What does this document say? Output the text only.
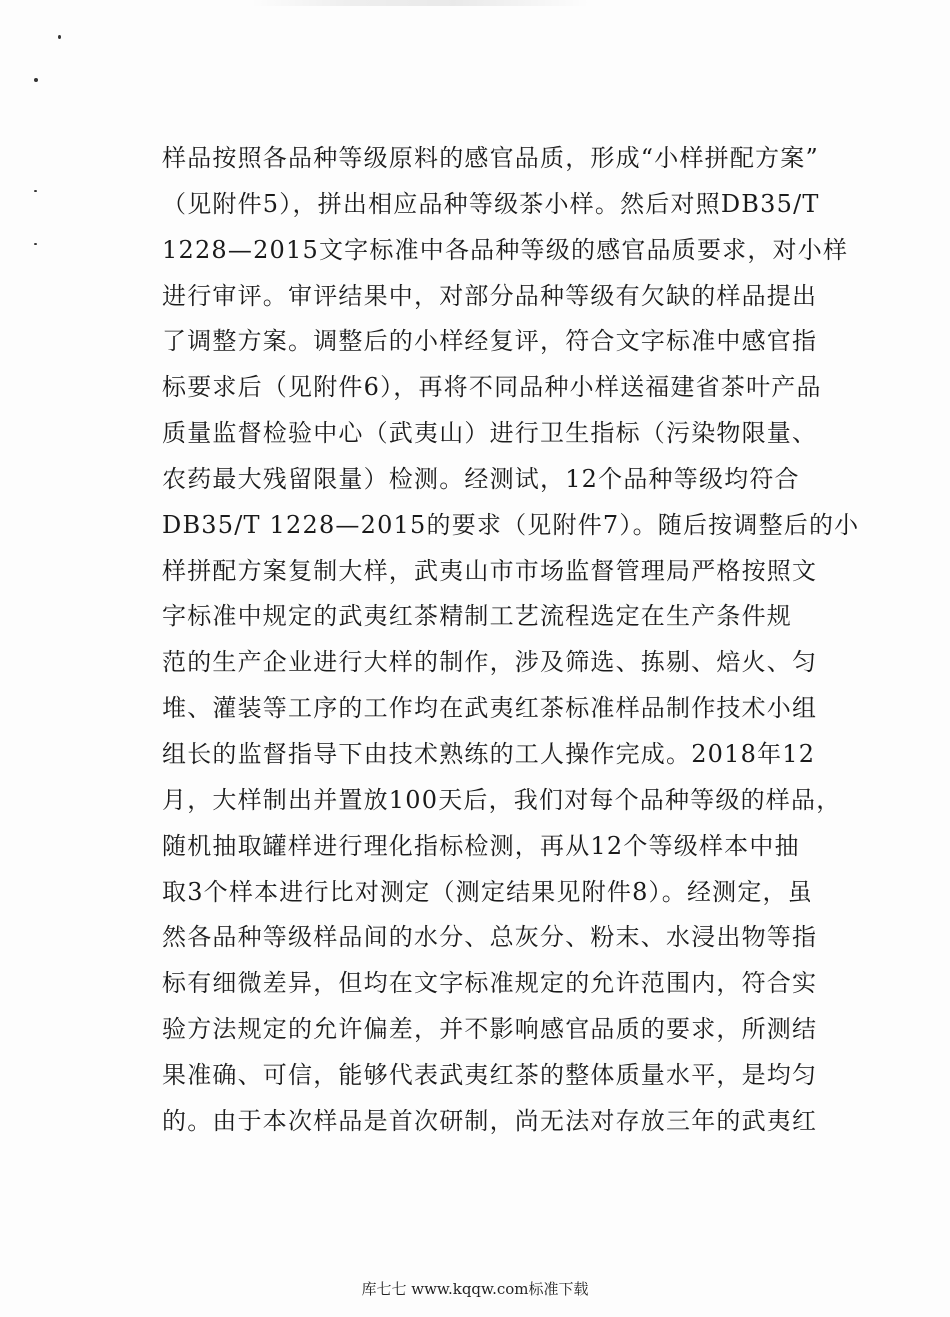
样品按照各品种等级原料的感官品质，形成“小样拼配方案”
（见附件5），拼出相应品种等级茶小样。然后对照DB35/T
1228—2015文字标准中各品种等级的感官品质要求，对小样
进行审评。审评结果中，对部分品种等级有欠缺的样品提出
了调整方案。调整后的小样经复评，符合文字标准中感官指
标要求后（见附件6），再将不同品种小样送福建省茶叶产品
质量监督检验中心（武夷山）进行卫生指标（污染物限量、
农药最大残留限量）检测。经测试，12个品种等级均符合
DB35/T 1228—2015的要求（见附件7）。随后按调整后的小
样拼配方案复制大样，武夷山市市场监督管理局严格按照文
字标准中规定的武夷红茶精制工艺流程选定在生产条件规
范的生产企业进行大样的制作，涉及筛选、拣剔、焙火、匀
堆、灌装等工序的工作均在武夷红茶标准样品制作技术小组
组长的监督指导下由技术熟练的工人操作完成。2018年12
月，大样制出并置放100天后，我们对每个品种等级的样品，
随机抽取罐样进行理化指标检测，再从12个等级样本中抽
取3个样本进行比对测定（测定结果见附件8）。经测定，虽
然各品种等级样品间的水分、总灰分、粉末、水浸出物等指
标有细微差异，但均在文字标准规定的允许范围内，符合实
验方法规定的允许偏差，并不影响感官品质的要求，所测结
果准确、可信，能够代表武夷红茶的整体质量水平，是均匀
的。由于本次样品是首次研制，尚无法对存放三年的武夷红
库七七 www.kqqw.com标准下载
